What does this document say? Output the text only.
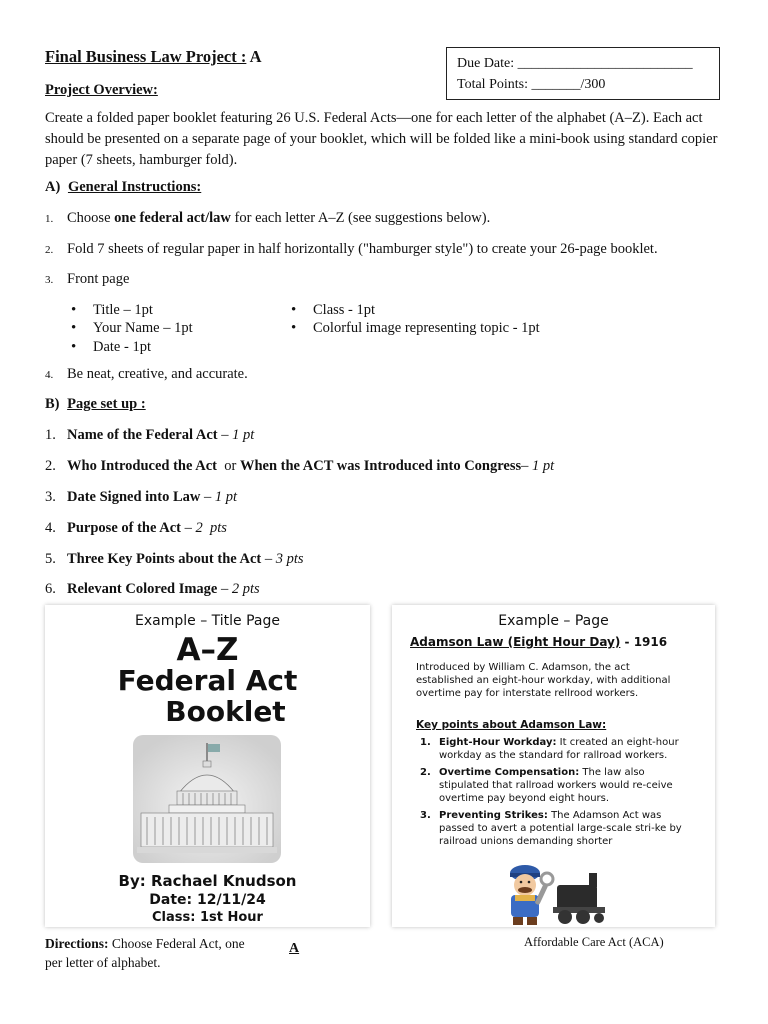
Final Business Law Project : A	Due Date: _________________________
Total Points: _______/300
Project Overview:
Create a folded paper booklet featuring 26 U.S. Federal Acts—one for each letter of the alphabet (A–Z). Each act should be presented on a separate page of your booklet, which will be folded like a mini-book using standard copier paper (7 sheets, hamburger fold).
A) General Instructions:
1. Choose one federal act/law for each letter A–Z (see suggestions below).
2. Fold 7 sheets of regular paper in half horizontally ("hamburger style") to create your 26-page booklet.
3. Front page
• Title – 1pt
• Your Name – 1pt
• Date - 1pt
• Class - 1pt
• Colorful image representing topic - 1pt
4. Be neat, creative, and accurate.
B) Page set up :
1. Name of the Federal Act – 1 pt
2. Who Introduced the Act  or When the ACT was Introduced into Congress– 1 pt
3. Date Signed into Law – 1 pt
4. Purpose of the Act – 2  pts
5. Three Key Points about the Act – 3 pts
6. Relevant Colored Image – 2 pts
Example – Title Page
A–Z
Federal Act
Booklet
By: Rachael Knudson
Date: 12/11/24
Class: 1st Hour
Example – Page
Adamson Law (Eight Hour Day) - 1916
Introduced by William C. Adamson, the act established an eight-hour workday, with additional overtime pay for interstate rellrood workers.
Key points about Adamson Law:
1. Eight-Hour Workday: It created an eight-hour workday as the standard for rallroad workers.
2. Overtime Compensation: The law also stipulated that rallroad workers would re-ceive overtime pay beyond eight hours.
3. Preventing Strikes: The Adamson Act was passed to avert a potential large-scale stri-ke by railroad unions demanding shorter
Directions: Choose Federal Act, one per letter of alphabet.
A	Affordable Care Act (ACA)
